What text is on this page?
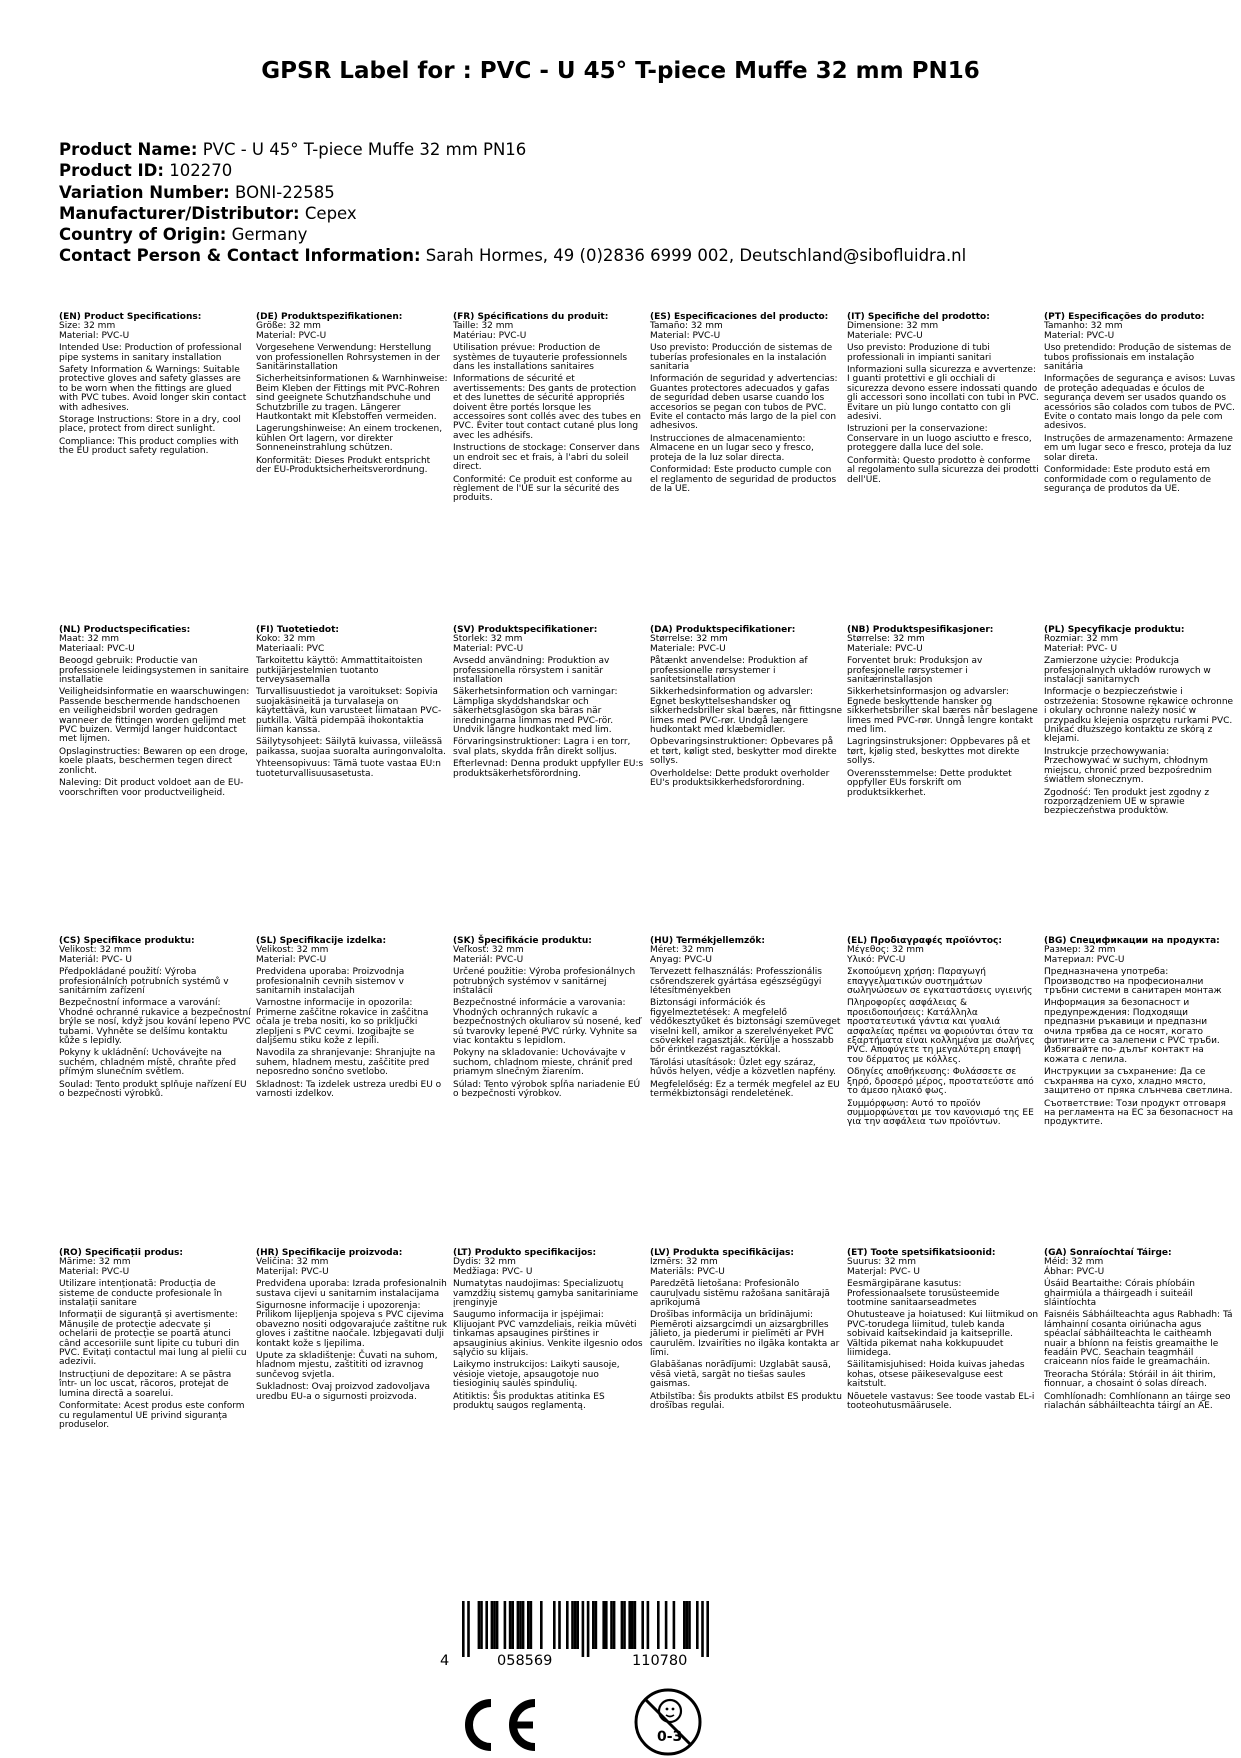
GPSR Label for : PVC - U 45° T-piece Muffe 32 mm PN16
Product Name: PVC - U 45° T-piece Muffe 32 mm PN16
Product ID: 102270
Variation Number: BONI-22585
Manufacturer/Distributor: Cepex
Country of Origin: Germany
Contact Person & Contact Information: Sarah Hormes, 49 (0)2836 6999 002, Deutschland@sibofluidra.nl
(EN) Product Specifications:
Size: 32 mm
Material: PVC-U
Intended Use: Production of professional pipe systems in sanitary installation
Safety Information & Warnings: Suitable protective gloves and safety glasses are to be worn when the fittings are glued with PVC tubes. Avoid longer skin contact with adhesives.
Storage Instructions: Store in a dry, cool place, protect from direct sunlight.
Compliance: This product complies with the EU product safety regulation.
(DE) Produktspezifikationen:
Größe: 32 mm
Material: PVC-U
Vorgesehene Verwendung: Herstellung von professionellen Rohrsystemen in der Sanitärinstallation
Sicherheitsinformationen & Warnhinweise: Beim Kleben der Fittings mit PVC-Rohren sind geeignete Schutzhandschuhe und Schutzbrille zu tragen. Längerer Hautkontakt mit Klebstoffen vermeiden.
Lagerungshinweise: An einem trockenen, kühlen Ort lagern, vor direkter Sonneneinstrahlung schützen.
Konformität: Dieses Produkt entspricht der EU-Produktsicherheitsverordnung.
(FR) Spécifications du produit:
Taille: 32 mm
Matériau: PVC-U
Utilisation prévue: Production de systèmes de tuyauterie professionnels dans les installations sanitaires
Informations de sécurité et avertissements: Des gants de protection et des lunettes de sécurité appropriés doivent être portés lorsque les accessoires sont collés avec des tubes en PVC. Éviter tout contact cutané plus long avec les adhésifs.
Instructions de stockage: Conserver dans un endroit sec et frais, à l'abri du soleil direct.
Conformité: Ce produit est conforme au règlement de l'UE sur la sécurité des produits.
(ES) Especificaciones del producto:
Tamaño: 32 mm
Material: PVC-U
Uso previsto: Producción de sistemas de tuberías profesionales en la instalación sanitaria
Información de seguridad y advertencias: Guantes protectores adecuados y gafas de seguridad deben usarse cuando los accesorios se pegan con tubos de PVC. Evite el contacto más largo de la piel con adhesivos.
Instrucciones de almacenamiento: Almacene en un lugar seco y fresco, proteja de la luz solar directa.
Conformidad: Este producto cumple con el reglamento de seguridad de productos de la UE.
(IT) Specifiche del prodotto:
Dimensione: 32 mm
Materiale: PVC-U
Uso previsto: Produzione di tubi professionali in impianti sanitari
Informazioni sulla sicurezza e avvertenze: I guanti protettivi e gli occhiali di sicurezza devono essere indossati quando gli accessori sono incollati con tubi in PVC. Evitare un più lungo contatto con gli adesivi.
Istruzioni per la conservazione: Conservare in un luogo asciutto e fresco, proteggere dalla luce del sole.
Conformità: Questo prodotto è conforme al regolamento sulla sicurezza dei prodotti dell'UE.
(PT) Especificações do produto:
Tamanho: 32 mm
Material: PVC-U
Uso pretendido: Produção de sistemas de tubos profissionais em instalação sanitária
Informações de segurança e avisos: Luvas de proteção adequadas e óculos de segurança devem ser usados quando os acessórios são colados com tubos de PVC. Evite o contato mais longo da pele com adesivos.
Instruções de armazenamento: Armazene em um lugar seco e fresco, proteja da luz solar direta.
Conformidade: Este produto está em conformidade com o regulamento de segurança de produtos da UE.
(NL) Productspecificaties:
Maat: 32 mm
Materiaal: PVC-U
Beoogd gebruik: Productie van professionele leidingsystemen in sanitaire installatie
Veiligheidsinformatie en waarschuwingen: Passende beschermende handschoenen en veiligheidsbril worden gedragen wanneer de fittingen worden gelijmd met PVC buizen. Vermijd langer huidcontact met lijmen.
Opslaginstructies: Bewaren op een droge, koele plaats, beschermen tegen direct zonlicht.
Naleving: Dit product voldoet aan de EU-voorschriften voor productveiligheid.
(FI) Tuotetiedot:
Koko: 32 mm
Materiaali: PVC
Tarkoitettu käyttö: Ammattitaitoisten putkijärjestelmien tuotanto terveysasemalla
Turvallisuustiedot ja varoitukset: Sopivia suojakäsineitä ja turvalaseja on käytettävä, kun varusteet liimataan PVC-putkilla. Vältä pidempää ihokontaktia liiman kanssa.
Säilytysohjeet: Säilytä kuivassa, viileässä paikassa, suojaa suoralta auringonvalolta.
Yhteensopivuus: Tämä tuote vastaa EU:n tuoteturvallisuusasetusta.
(SV) Produktspecifikationer:
Storlek: 32 mm
Material: PVC-U
Avsedd användning: Produktion av professionella rörsystem i sanitär installation
Säkerhetsinformation och varningar: Lämpliga skyddshandskar och säkerhetsglasögon ska bäras när inredningarna limmas med PVC-rör. Undvik längre hudkontakt med lim.
Förvaringsinstruktioner: Lagra i en torr, sval plats, skydda från direkt solljus.
Efterlevnad: Denna produkt uppfyller EU:s produktsäkerhetsförordning.
(DA) Produktspecifikationer:
Størrelse: 32 mm
Materiale: PVC-U
Påtænkt anvendelse: Produktion af professionelle rørsystemer i sanitetsinstallation
Sikkerhedsinformation og advarsler: Egnet beskyttelseshandsker og sikkerhedsbriller skal bæres, når fittingsne limes med PVC-rør. Undgå længere hudkontakt med klæbemidler.
Opbevaringsinstruktioner: Opbevares på et tørt, køligt sted, beskytter mod direkte sollys.
Overholdelse: Dette produkt overholder EU's produktsikkerhedsforordning.
(NB) Produktspesifikasjoner:
Størrelse: 32 mm
Materiale: PVC-U
Forventet bruk: Produksjon av profesjonelle rørsystemer i sanitærinstallasjon
Sikkerhetsinformasjon og advarsler: Egnede beskyttende hansker og sikkerhetsbriller skal bæres når beslagene limes med PVC-rør. Unngå lengre kontakt med lim.
Lagringsinstruksjoner: Oppbevares på et tørt, kjølig sted, beskyttes mot direkte sollys.
Overensstemmelse: Dette produktet oppfyller EUs forskrift om produktsikkerhet.
(PL) Specyfikacje produktu:
Rozmiar: 32 mm
Materiał: PVC- U
Zamierzone użycie: Produkcja profesjonalnych układów rurowych w instalacji sanitarnych
Informacje o bezpieczeństwie i ostrzeżenia: Stosowne rękawice ochronne i okulary ochronne należy nosić w przypadku klejenia osprzętu rurkami PVC. Unikać dłuższego kontaktu ze skórą z klejami.
Instrukcje przechowywania: Przechowywać w suchym, chłodnym miejscu, chronić przed bezpośrednim światłem słonecznym.
Zgodność: Ten produkt jest zgodny z rozporządzeniem UE w sprawie bezpieczeństwa produktów.
(CS) Specifikace produktu:
Velikost: 32 mm
Materiál: PVC- U
Předpokládané použití: Výroba profesionálních potrubních systémů v sanitárním zařízení
Bezpečnostní informace a varování: Vhodné ochranné rukavice a bezpečnostní brýle se nosí, když jsou kování lepeno PVC tubami. Vyhněte se delšímu kontaktu kůže s lepidly.
Pokyny k ukládnění: Uchovávejte na suchém, chladném místě, chraňte před přímým slunečním světlem.
Soulad: Tento produkt splňuje nařízení EU o bezpečnosti výrobků.
(SL) Specifikacije izdelka:
Velikost: 32 mm
Material: PVC-U
Predvidena uporaba: Proizvodnja profesionalnih cevnih sistemov v sanitarnih instalacijah
Varnostne informacije in opozorila: Primerne zaščitne rokavice in zaščitna očala je treba nositi, ko so priključki zlepljeni s PVC cevmi. Izogibajte se daljšemu stiku kože z lepili.
Navodila za shranjevanje: Shranjujte na suhem, hladnem mestu, zaščitite pred neposredno sončno svetlobo.
Skladnost: Ta izdelek ustreza uredbi EU o varnosti izdelkov.
(SK) Špecifikácie produktu:
Veľkosť: 32 mm
Materiál: PVC-U
Určené použitie: Výroba profesionálnych potrubných systémov v sanitárnej inštalácii
Bezpečnostné informácie a varovania: Vhodných ochranných rukavíc a bezpečnostných okuliarov sú nosené, keď sú tvarovky lepené PVC rúrky. Vyhnite sa viac kontaktu s lepidlom.
Pokyny na skladovanie: Uchovávajte v suchom, chladnom mieste, chrániť pred priamym slnečným žiarením.
Súlad: Tento výrobok spĺňa nariadenie EÚ o bezpečnosti výrobkov.
(HU) Termékjellemzők:
Méret: 32 mm
Anyag: PVC-U
Tervezett felhasználás: Professzionális csőrendszerek gyártása egészségügyi létesítményekben
Biztonsági információk és figyelmeztetések: A megfelelő védőkesztyűket és biztonsági szemüveget viselni kell, amikor a szerelvényeket PVC csövekkel ragasztják. Kerülje a hosszabb bőr érintkezést ragasztókkal.
Tárolási utasítások: Üzlet egy száraz, hűvös helyen, védje a közvetlen napfény.
Megfelelőség: Ez a termék megfelel az EU termékbiztonsági rendeletének.
(EL) Προδιαγραφές προϊόντος:
Μέγεθος: 32 mm
Υλικό: PVC-U
Σκοπούμενη χρήση: Παραγωγή επαγγελματικών συστημάτων σωληνώσεων σε εγκαταστάσεις υγιεινής
Πληροφορίες ασφάλειας & προειδοποιήσεις: Κατάλληλα προστατευτικά γάντια και γυαλιά ασφαλείας πρέπει να φοριούνται όταν τα εξαρτήματα είναι κολλημένα με σωλήνες PVC. Αποφύγετε τη μεγαλύτερη επαφή του δέρματος με κόλλες.
Οδηγίες αποθήκευσης: Φυλάσσετε σε ξηρό, δροσερό μέρος, προστατεύστε από το άμεσο ηλιακό φως.
Συμμόρφωση: Αυτό το προϊόν συμμορφώνεται με τον κανονισμό της ΕΕ για την ασφάλεια των προϊόντων.
(BG) Спецификации на продукта:
Размер: 32 mm
Материал: PVC-U
Предназначена употреба: Производство на професионални тръбни системи в санитарен монтаж
Информация за безопасност и предупреждения: Подходящи предпазни ръкавици и предпазни очила трябва да се носят, когато фитингите са залепени с PVC тръби. Избягвайте по- дълъг контакт на кожата с лепила.
Инструкции за съхранение: Да се съхранява на сухо, хладно място, защитено от пряка слънчева светлина.
Съответствие: Този продукт отговаря на регламента на ЕС за безопасност на продуктите.
(RO) Specificații produs:
Mărime: 32 mm
Material: PVC-U
Utilizare intenționată: Producția de sisteme de conducte profesionale în instalații sanitare
Informații de siguranță și avertismente: Mănușile de protecție adecvate și ochelarii de protecție se poartă atunci când accesoriile sunt lipite cu tuburi din PVC. Evitați contactul mai lung al pielii cu adezivii.
Instrucțiuni de depozitare: A se păstra într- un loc uscat, răcoros, protejat de lumina directă a soarelui.
Conformitate: Acest produs este conform cu regulamentul UE privind siguranța produselor.
(HR) Specifikacije proizvoda:
Veličina: 32 mm
Materijal: PVC-U
Predviđena uporaba: Izrada profesionalnih sustava cijevi u sanitarnim instalacijama
Sigurnosne informacije i upozorenja: Prilikom lijepljenja spojeva s PVC cijevima obavezno nositi odgovarajuće zaštitne ruk gloves i zaštitne naočale. Izbjegavati dulji kontakt kože s ljepilima.
Upute za skladištenje: Čuvati na suhom, hladnom mjestu, zaštititi od izravnog sunčevog svjetla.
Sukladnost: Ovaj proizvod zadovoljava uredbu EU-a o sigurnosti proizvoda.
(LT) Produkto specifikacijos:
Dydis: 32 mm
Medžiaga: PVC- U
Numatytas naudojimas: Specializuotų vamzdžių sistemų gamyba sanitariniame įrenginyje
Saugumo informacija ir įspėjimai: Klijuojant PVC vamzdeliais, reikia mūvėti tinkamas apsaugines pirštines ir apsauginius akinius. Venkite ilgesnio odos sąlyčio su klijais.
Laikymo instrukcijos: Laikyti sausoje, vėsioje vietoje, apsaugotoje nuo tiesioginių saulės spindulių.
Atitiktis: Šis produktas atitinka ES produktų saugos reglamentą.
(LV) Produkta specifikācijas:
Izmērs: 32 mm
Materiāls: PVC-U
Paredzētā lietošana: Profesionālo cauruļvadu sistēmu ražošana sanitārajā aprīkojumā
Drošības informācija un brīdinājumi: Piemēroti aizsargcimdi un aizsargbrilles jālieto, ja piederumi ir pielīmēti ar PVH caurulēm. Izvairīties no ilgāka kontakta ar līmi.
Glabāšanas norādījumi: Uzglabāt sausā, vēsā vietā, sargāt no tiešas saules gaismas.
Atbilstība: Šis produkts atbilst ES produktu drošības regulai.
(ET) Toote spetsifikatsioonid:
Suurus: 32 mm
Materjal: PVC- U
Eesmärgipärane kasutus: Professionaalsete torusüsteemide tootmine sanitaarseadmetes
Ohutusteave ja hoiatused: Kui liitmikud on PVC-torudega liimitud, tuleb kanda sobivaid kaitsekindaid ja kaitseprille. Vältida pikemat naha kokkupuudet liimidega.
Säilitamisjuhised: Hoida kuivas jahedas kohas, otsese päikesevalguse eest kaitstult.
Nõuetele vastavus: See toode vastab EL-i tooteohutusmäärusele.
(GA) Sonraíochtaí Táirge:
Méid: 32 mm
Ábhar: PVC-U
Úsáid Beartaithe: Córais phíobáin ghairmiúla a tháirgeadh i suiteáil sláintíochta
Faisnéis Sábháilteachta agus Rabhadh: Tá lámhainní cosanta oiriúnacha agus spéaclaí sábháilteachta le caitheamh nuair a bhíonn na feistis greamaithe le feadáin PVC. Seachain teagmháil craiceann níos faide le greamacháin.
Treoracha Stórála: Stóráil in áit thirim, fionnuar, a chosaint ó solas díreach.
Comhlíonadh: Comhlíonann an táirge seo rialachán sábháilteachta táirgí an AE.
4	058569	110780
0-3
